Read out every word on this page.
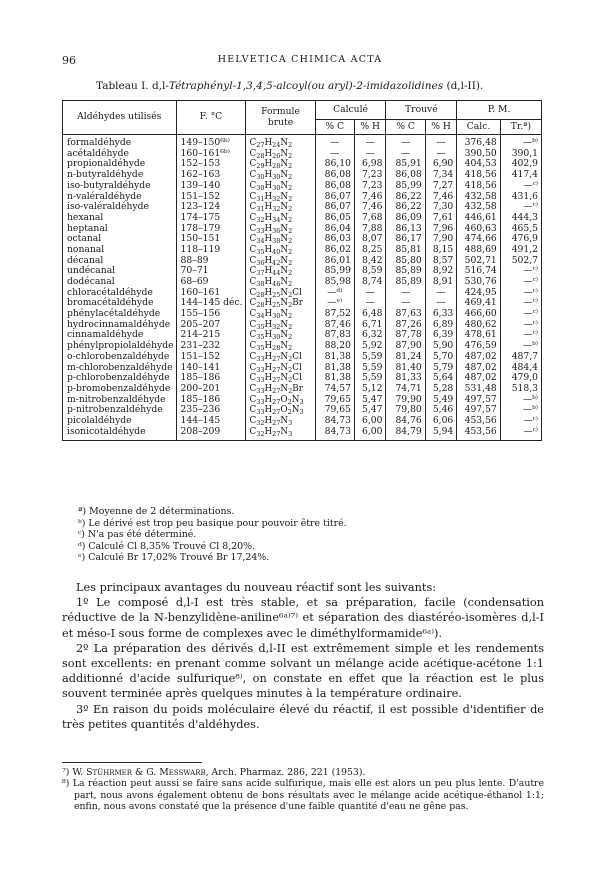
96	HELVETICA CHIMICA ACTA
Tableau I. d,l-Tétraphényl-1,3,4,5-alcoyl(ou aryl)-2-imidazolidines (d,l-II).
Aldéhydes utilisés	F. °C	Formule
brute	Calculé		Trouvé		P. M.	
			% C	% H	% C	% H	Calc.	Tr.ª)
formaldéhyde	149–150⁶ᵇ⁾	$C_{27}H_{24}N_2$	—	—	—	—	376,48	—ᵇ⁾
acétaldéhyde	160–161⁶ᵇ⁾	$C_{28}H_{26}N_2$	—	—	—	—	390,50	390,1
propionaldéhyde	152–153	$C_{29}H_{28}N_2$	86,10	6,98	85,91	6,90	404,53	402,9
n-butyraldéhyde	162–163	$C_{30}H_{30}N_2$	86,08	7,23	86,08	7,34	418,56	417,4
iso-butyraldéhyde	139–140	$C_{30}H_{30}N_2$	86,08	7,23	85,99	7,27	418,56	—ᶜ⁾
n-valéraldéhyde	151–152	$C_{31}H_{32}N_2$	86,07	7,46	86,22	7,46	432,58	431,6
iso-valéraldéhyde	123–124	$C_{31}H_{32}N_2$	86,07	7,46	86,22	7,30	432,58	—ᶜ⁾
hexanal	174–175	$C_{32}H_{34}N_2$	86,05	7,68	86,09	7,61	446,61	444,3
heptanal	178–179	$C_{33}H_{36}N_2$	86,04	7,88	86,13	7,96	460,63	465,5
octanal	150–151	$C_{34}H_{38}N_2$	86,03	8,07	86,17	7,90	474,66	476,9
nonanal	118–119	$C_{35}H_{40}N_2$	86,02	8,25	85,81	8,15	488,69	491,2
décanal	88–89	$C_{36}H_{42}N_2$	86,01	8,42	85,80	8,57	502,71	502,7
undécanal	70–71	$C_{37}H_{44}N_2$	85,99	8,59	85,89	8,92	516,74	—ᶜ⁾
dodécanal	68–69	$C_{38}H_{46}N_2$	85,98	8,74	85,89	8,91	530,76	—ᶜ⁾
chloracétaldéhyde	160–161	$C_{28}H_{25}N_2Cl$	—ᵈ⁾	—	—	—	424,95	—ᶜ⁾
bromacétaldéhyde	144–145 déc.	$C_{28}H_{25}N_2Br$	—ᵉ⁾	—	—	—	469,41	—ᶜ⁾
phénylacétaldéhyde	155–156	$C_{34}H_{30}N_2$	87,52	6,48	87,63	6,33	466,60	—ᶜ⁾
hydrocinnamaldéhyde	205–207	$C_{35}H_{32}N_2$	87,46	6,71	87,26	6,89	480,62	—ᶜ⁾
cinnamaldéhyde	214–215	$C_{35}H_{30}N_2$	87,83	6,32	87,78	6,39	478,61	—ᶜ⁾
phénylpropiolaldéhyde	231–232	$C_{35}H_{28}N_2$	88,20	5,92	87,90	5,90	476,59	—ᵇ⁾
o-chlorobenzaldéhyde	151–152	$C_{33}H_{27}N_2Cl$	81,38	5,59	81,24	5,70	487,02	487,7
m-chlorobenzaldéhyde	140–141	$C_{33}H_{27}N_2Cl$	81,38	5,59	81,40	5,79	487,02	484,4
p-chlorobenzaldéhyde	185–186	$C_{33}H_{27}N_2Cl$	81,38	5,59	81,33	5,64	487,02	479,0
p-bromobenzaldéhyde	200–201	$C_{33}H_{27}N_2Br$	74,57	5,12	74,71	5,28	531,48	518,3
m-nitrobenzaldéhyde	185–186	$C_{33}H_{27}O_2N_3$	79,65	5,47	79,90	5,49	497,57	—ᵇ⁾
p-nitrobenzaldéhyde	235–236	$C_{33}H_{27}O_2N_3$	79,65	5,47	79,80	5,46	497,57	—ᵇ⁾
picolaldéhyde	144–145	$C_{32}H_{27}N_3$	84,73	6,00	84,76	6,06	453,56	—ᶜ⁾
isonicotaldéhyde	208–209	$C_{32}H_{27}N_3$	84,73	6,00	84,79	5,94	453,56	—ᶜ⁾
ª) Moyenne de 2 déterminations.
ᵇ) Le dérivé est trop peu basique pour pouvoir être titré.
ᶜ) N'a pas été déterminé.
ᵈ) Calculé Cl 8,35% Trouvé Cl 8,20%.
ᵉ) Calculé Br 17,02% Trouvé Br 17,24%.

Les principaux avantages du nouveau réactif sont les suivants:

1º Le composé d,l-I est très stable, et sa préparation, facile (condensation réductive de la N-benzylidène-aniline⁶ᵃ⁾⁷⁾ et séparation des diastéréo-isomères d,l-I et méso-I sous forme de complexes avec le diméthylformamide⁶ᵃ⁾).

2º La préparation des dérivés d,l-II est extrêmement simple et les rendements sont excellents: en prenant comme solvant un mélange acide acétique-acétone 1:1 additionné d'acide sulfurique⁸⁾, on constate en effet que la réaction est le plus souvent terminée après quelques minutes à la température ordinaire.

3º En raison du poids moléculaire élevé du réactif, il est possible d'identifier de très petites quantités d'aldéhydes.

⁷) W. Stührmer & G. Messwarb, Arch. Pharmaz. 286, 221 (1953).

⁸) La réaction peut aussi se faire sans acide sulfurique, mais elle est alors un peu plus lente. D'autre part, nous avons également obtenu de bons résultats avec le mélange acide acétique-éthanol 1:1; enfin, nous avons constaté que la présence d'une faible quantité d'eau ne gêne pas.
